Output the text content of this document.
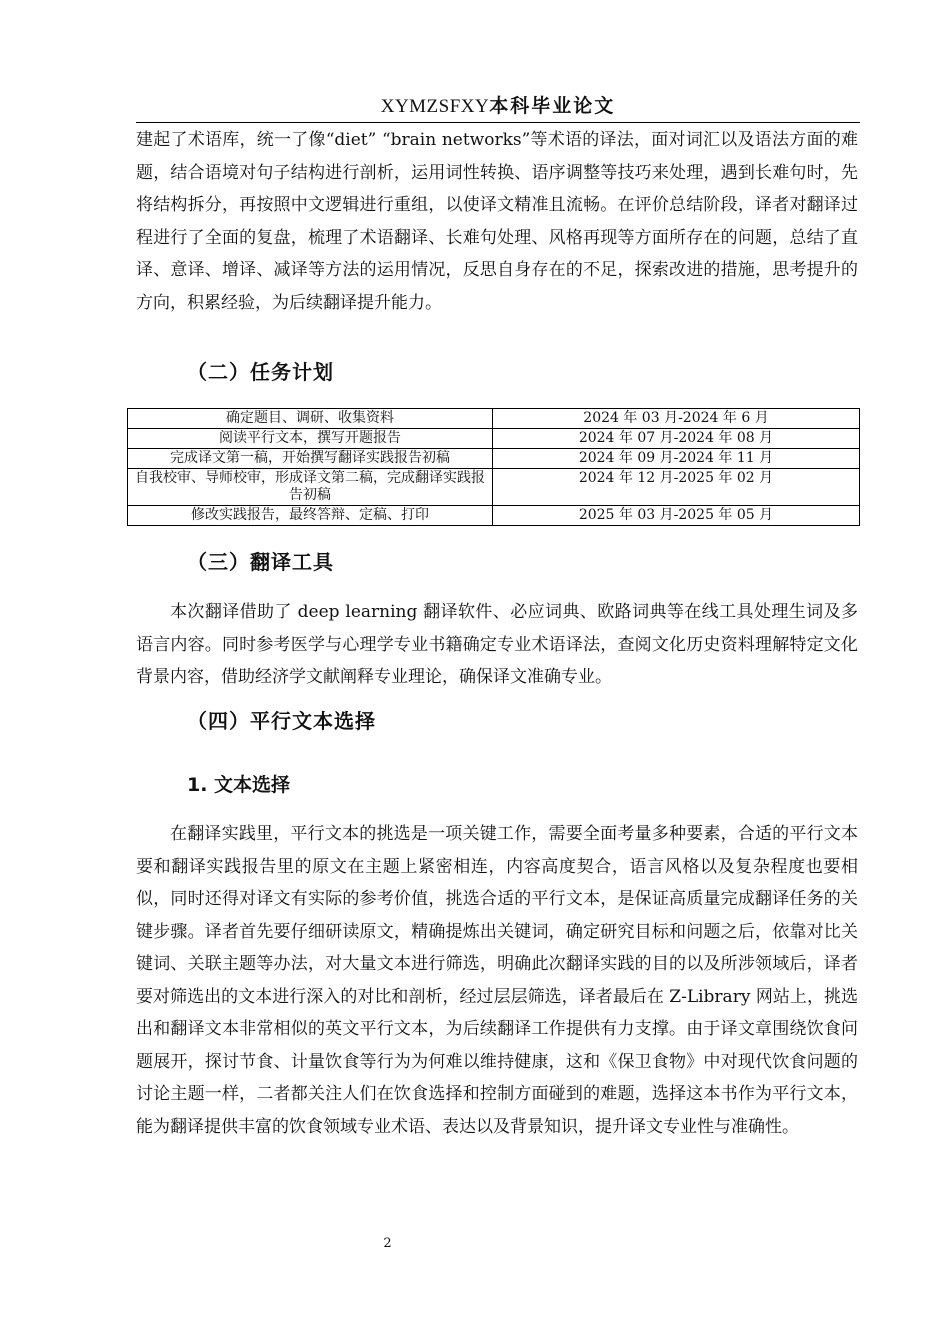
XYMZSFXY本科毕业论文

建起了术语库，统一了像“diet” “brain networks”等术语的译法，面对词汇以及语法方面的难题，结合语境对句子结构进行剖析，运用词性转换、语序调整等技巧来处理，遇到长难句时，先将结构拆分，再按照中文逻辑进行重组，以使译文精准且流畅。在评价总结阶段，译者对翻译过程进行了全面的复盘，梳理了术语翻译、长难句处理、风格再现等方面所存在的问题，总结了直译、意译、增译、减译等方法的运用情况，反思自身存在的不足，探索改进的措施，思考提升的方向，积累经验，为后续翻译提升能力。

（二）任务计划
确定题目、调研、收集资料	2024 年 03 月-2024 年 6 月
阅读平行文本，撰写开题报告	2024 年 07 月-2024 年 08 月
完成译文第一稿，开始撰写翻译实践报告初稿	2024 年 09 月-2024 年 11 月
自我校审、导师校审，形成译文第二稿，完成翻译实践报告初稿	2024 年 12 月-2025 年 02 月
修改实践报告，最终答辩、定稿、打印	2025 年 03 月-2025 年 05 月
（三）翻译工具

本次翻译借助了 deep learning 翻译软件、必应词典、欧路词典等在线工具处理生词及多语言内容。同时参考医学与心理学专业书籍确定专业术语译法，查阅文化历史资料理解特定文化背景内容，借助经济学文献阐释专业理论，确保译文准确专业。

（四）平行文本选择
1. 文本选择

在翻译实践里，平行文本的挑选是一项关键工作，需要全面考量多种要素，合适的平行文本要和翻译实践报告里的原文在主题上紧密相连，内容高度契合，语言风格以及复杂程度也要相似，同时还得对译文有实际的参考价值，挑选合适的平行文本，是保证高质量完成翻译任务的关键步骤。译者首先要仔细研读原文，精确提炼出关键词，确定研究目标和问题之后，依靠对比关键词、关联主题等办法，对大量文本进行筛选，明确此次翻译实践的目的以及所涉领域后，译者要对筛选出的文本进行深入的对比和剖析，经过层层筛选，译者最后在 Z-Library 网站上，挑选出和翻译文本非常相似的英文平行文本，为后续翻译工作提供有力支撑。由于译文章围绕饮食问题展开，探讨节食、计量饮食等行为为何难以维持健康，这和《保卫食物》中对现代饮食问题的讨论主题一样，二者都关注人们在饮食选择和控制方面碰到的难题，选择这本书作为平行文本，能为翻译提供丰富的饮食领域专业术语、表达以及背景知识，提升译文专业性与准确性。

2
